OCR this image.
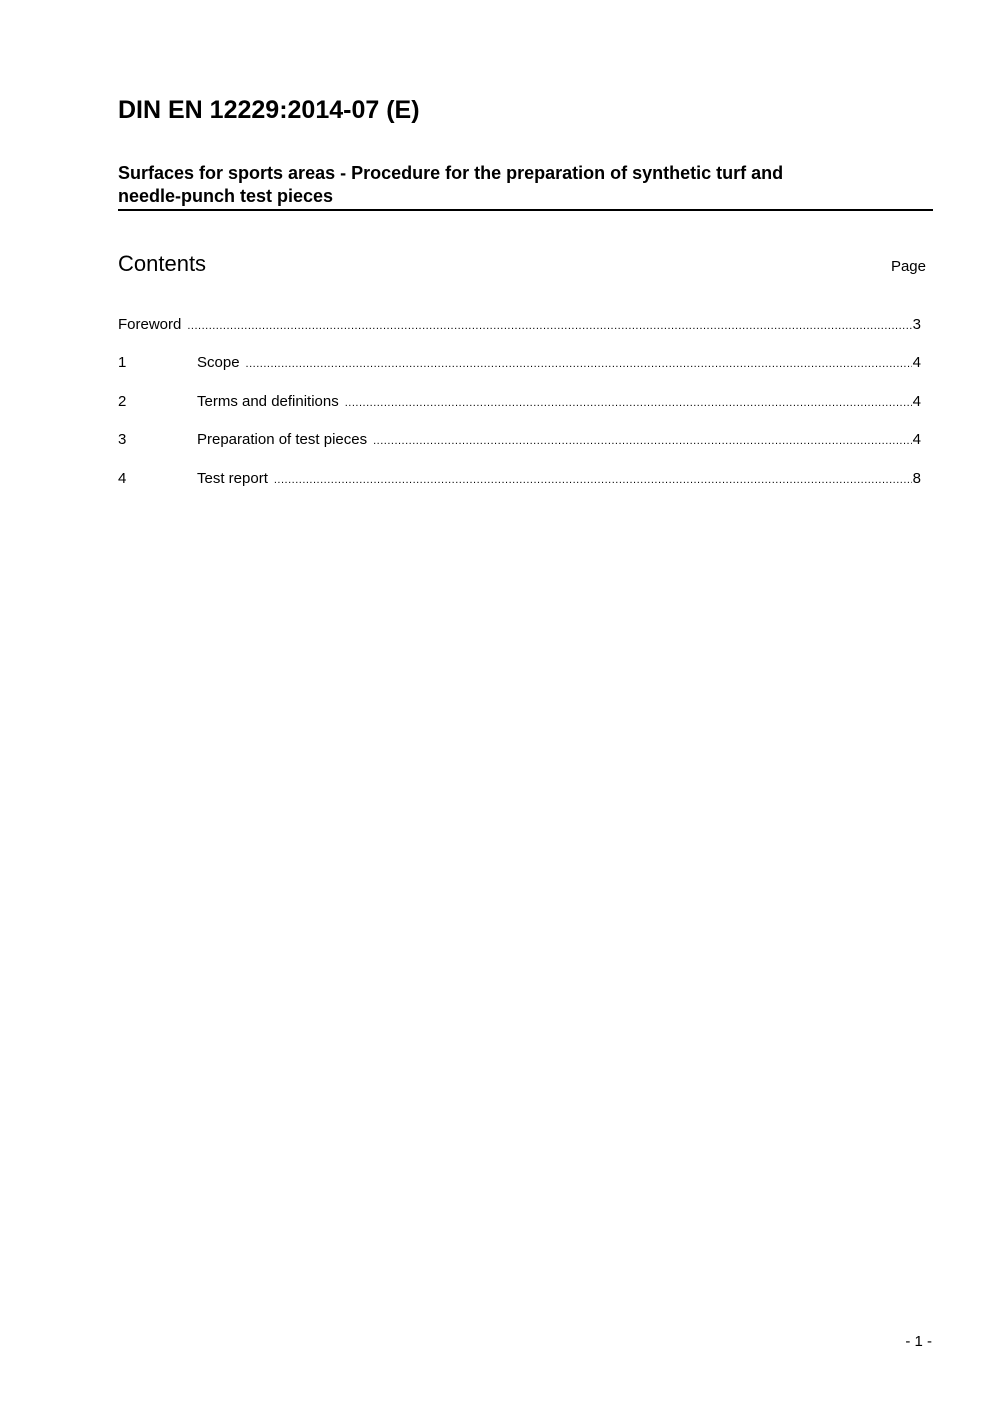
DIN EN 12229:2014-07 (E)
Surfaces for sports areas - Procedure for the preparation of synthetic turf and
needle-punch test pieces
Contents	Page
Foreword .....	3
1	Scope .....	4
2	Terms and definitions .....	4
3	Preparation of test pieces .....	4
4	Test report .....	8
- 1 -
